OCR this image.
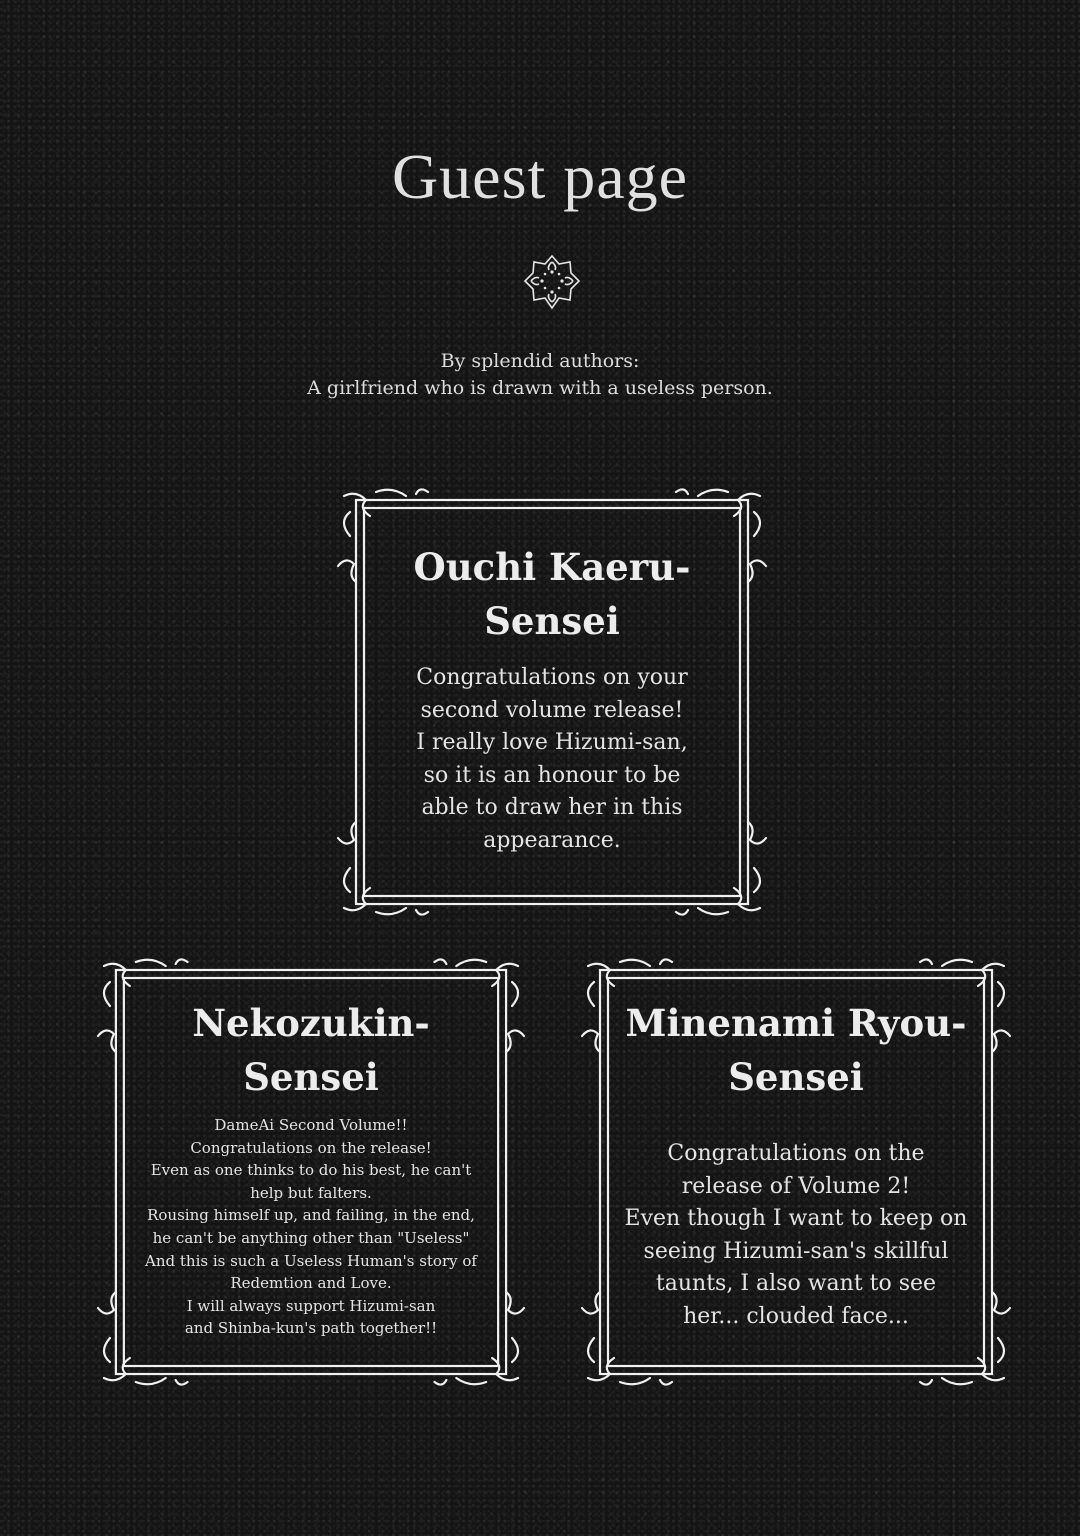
Guest page
By splendid authors:
A girlfriend who is drawn with a useless person.
Ouchi Kaeru-
Sensei
Congratulations on your
second volume release!
I really love Hizumi-san,
so it is an honour to be
able to draw her in this
appearance.
Nekozukin-
Sensei
DameAi Second Volume!!
Congratulations on the release!
Even as one thinks to do his best, he can't
help but falters.
Rousing himself up, and failing, in the end,
he can't be anything other than "Useless"
And this is such a Useless Human's story of
Redemtion and Love.
I will always support Hizumi-san
and Shinba-kun's path together!!
Minenami Ryou-
Sensei
Congratulations on the
release of Volume 2!
Even though I want to keep on
seeing Hizumi-san's skillful
taunts, I also want to see
her... clouded face...
